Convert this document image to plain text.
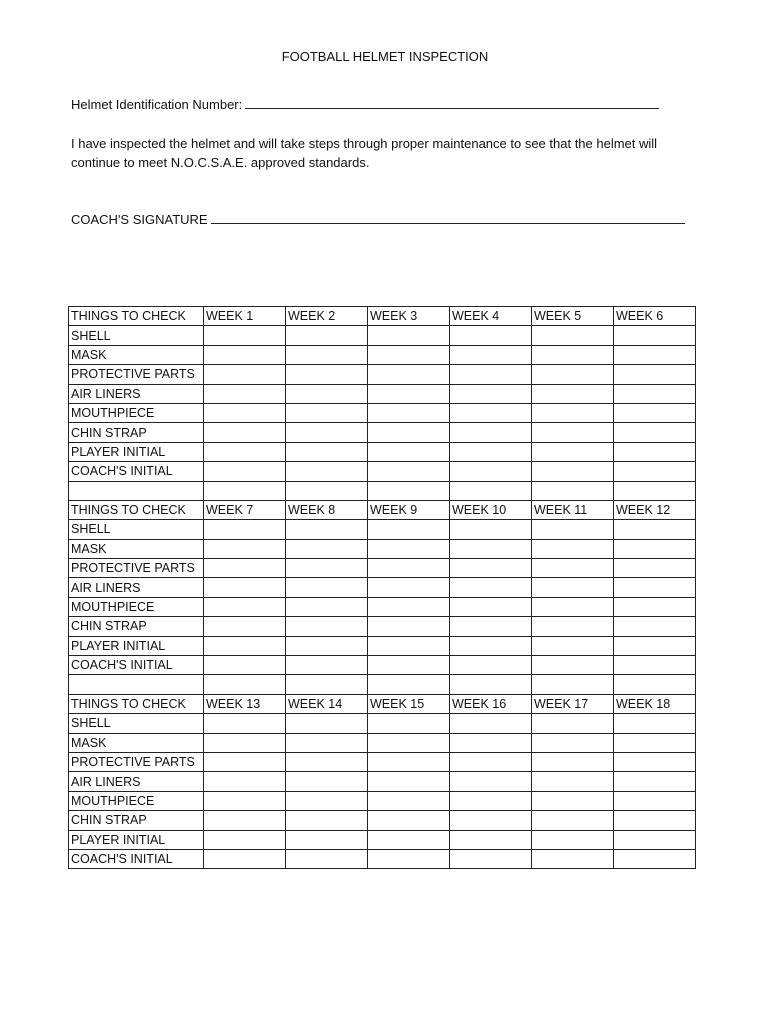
FOOTBALL HELMET INSPECTION
Helmet Identification Number:
I have inspected the helmet and will take steps through proper maintenance to see that the helmet will continue to meet N.O.C.S.A.E. approved standards.
COACH'S SIGNATURE
THINGS TO CHECK	WEEK 1	WEEK 2	WEEK 3	WEEK 4	WEEK 5	WEEK 6
SHELL						
MASK						
PROTECTIVE PARTS						
AIR LINERS						
MOUTHPIECE						
CHIN STRAP						
PLAYER INITIAL						
COACH'S INITIAL						

THINGS TO CHECK	WEEK 7	WEEK 8	WEEK 9	WEEK 10	WEEK 11	WEEK 12
SHELL						
MASK						
PROTECTIVE PARTS						
AIR LINERS						
MOUTHPIECE						
CHIN STRAP						
PLAYER INITIAL						
COACH'S INITIAL						

THINGS TO CHECK	WEEK 13	WEEK 14	WEEK 15	WEEK 16	WEEK 17	WEEK 18
SHELL						
MASK						
PROTECTIVE PARTS						
AIR LINERS						
MOUTHPIECE						
CHIN STRAP						
PLAYER INITIAL						
COACH'S INITIAL						
